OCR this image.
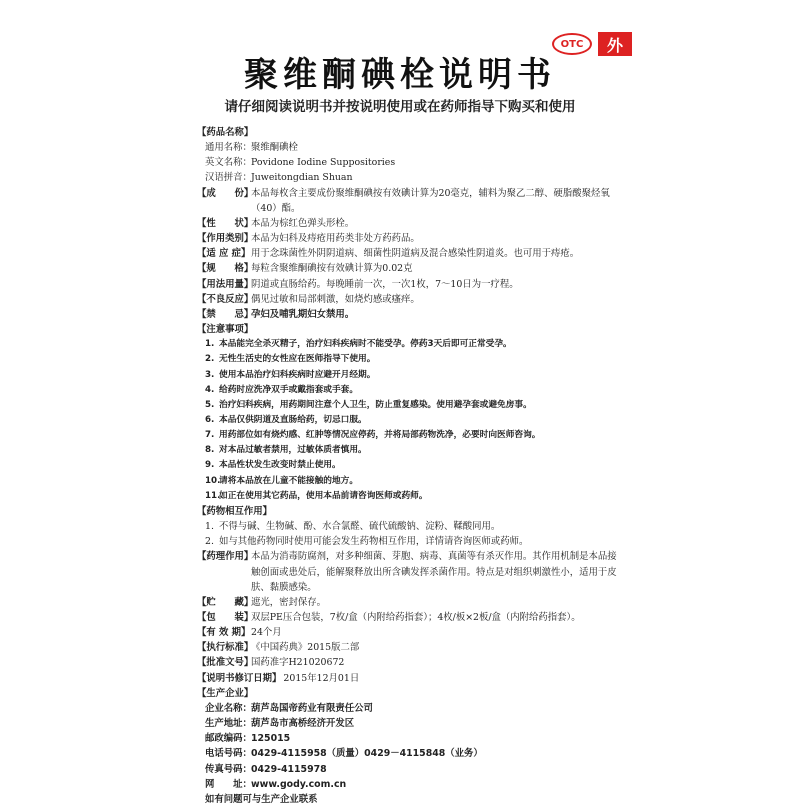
OTC	外
聚维酮碘栓说明书
请仔细阅读说明书并按说明使用或在药师指导下购买和使用
【药品名称】
通用名称： 聚维酮碘栓
英文名称： Povidone Iodine Suppositories
汉语拼音： Juweitongdian Shuan
【成　　份】
本品每枚含主要成份聚维酮碘按有效碘计算为20毫克，辅料为聚乙二醇、硬脂酸聚烃氧
（40）酯。
【性　　状】
本品为棕红色弹头形栓。
【作用类别】
本品为妇科及痔疮用药类非处方药药品。
【适 应 症】 用于念珠菌性外阴阴道病、细菌性阴道病及混合感染性阴道炎。也可用于痔疮。
【规　　格】
每粒含聚维酮碘按有效碘计算为0.02克
【用法用量】
阴道或直肠给药。每晚睡前一次，一次1枚，7～10日为一疗程。
【不良反应】
偶见过敏和局部刺激，如烧灼感或瘙痒。
【禁　　忌】
孕妇及哺乳期妇女禁用。
【注意事项】
1. 本品能完全杀灭精子，治疗妇科疾病时不能受孕。停药3天后即可正常受孕。
2. 无性生活史的女性应在医师指导下使用。
3. 使用本品治疗妇科疾病时应避开月经期。
4. 给药时应洗净双手或戴指套或手套。
5. 治疗妇科疾病，用药期间注意个人卫生，防止重复感染。使用避孕套或避免房事。
6. 本品仅供阴道及直肠给药，切忌口服。
7. 用药部位如有烧灼感、红肿等情况应停药，并将局部药物洗净，必要时向医师咨询。
8. 对本品过敏者禁用，过敏体质者慎用。
9. 本品性状发生改变时禁止使用。
10.
请将本品放在儿童不能接触的地方。
11.
如正在使用其它药品，使用本品前请咨询医师或药师。
【药物相互作用】
1. 不得与碱、生物碱、酚、水合氯醛、硫代硫酸钠、淀粉、鞣酸同用。
2. 如与其他药物同时使用可能会发生药物相互作用，详情请咨询医师或药师。
【药理作用】
本品为消毒防腐剂，对多种细菌、芽胞、病毒、真菌等有杀灭作用。其作用机制是本品接
触创面或患处后，能解聚释放出所含碘发挥杀菌作用。特点是对组织刺激性小，适用于皮
肤、黏膜感染。
【贮　　藏】
遮光，密封保存。
【包　　装】
双层PE压合包装，7枚/盒（内附给药指套）；4枚/板×2板/盒（内附给药指套）。
【有 效 期】 24个月
【执行标准】
《中国药典》2015版二部
【批准文号】
国药准字H21020672
【说明书修订日期】 2015年12月01日
【生产企业】
企业名称： 葫芦岛国帝药业有限责任公司
生产地址： 葫芦岛市高桥经济开发区
邮政编码： 125015
电话号码： 0429-4115958（质量）0429－4115848（业务）
传真号码： 0429-4115978
网　　址： www.gody.com.cn
如有问题可与生产企业联系
